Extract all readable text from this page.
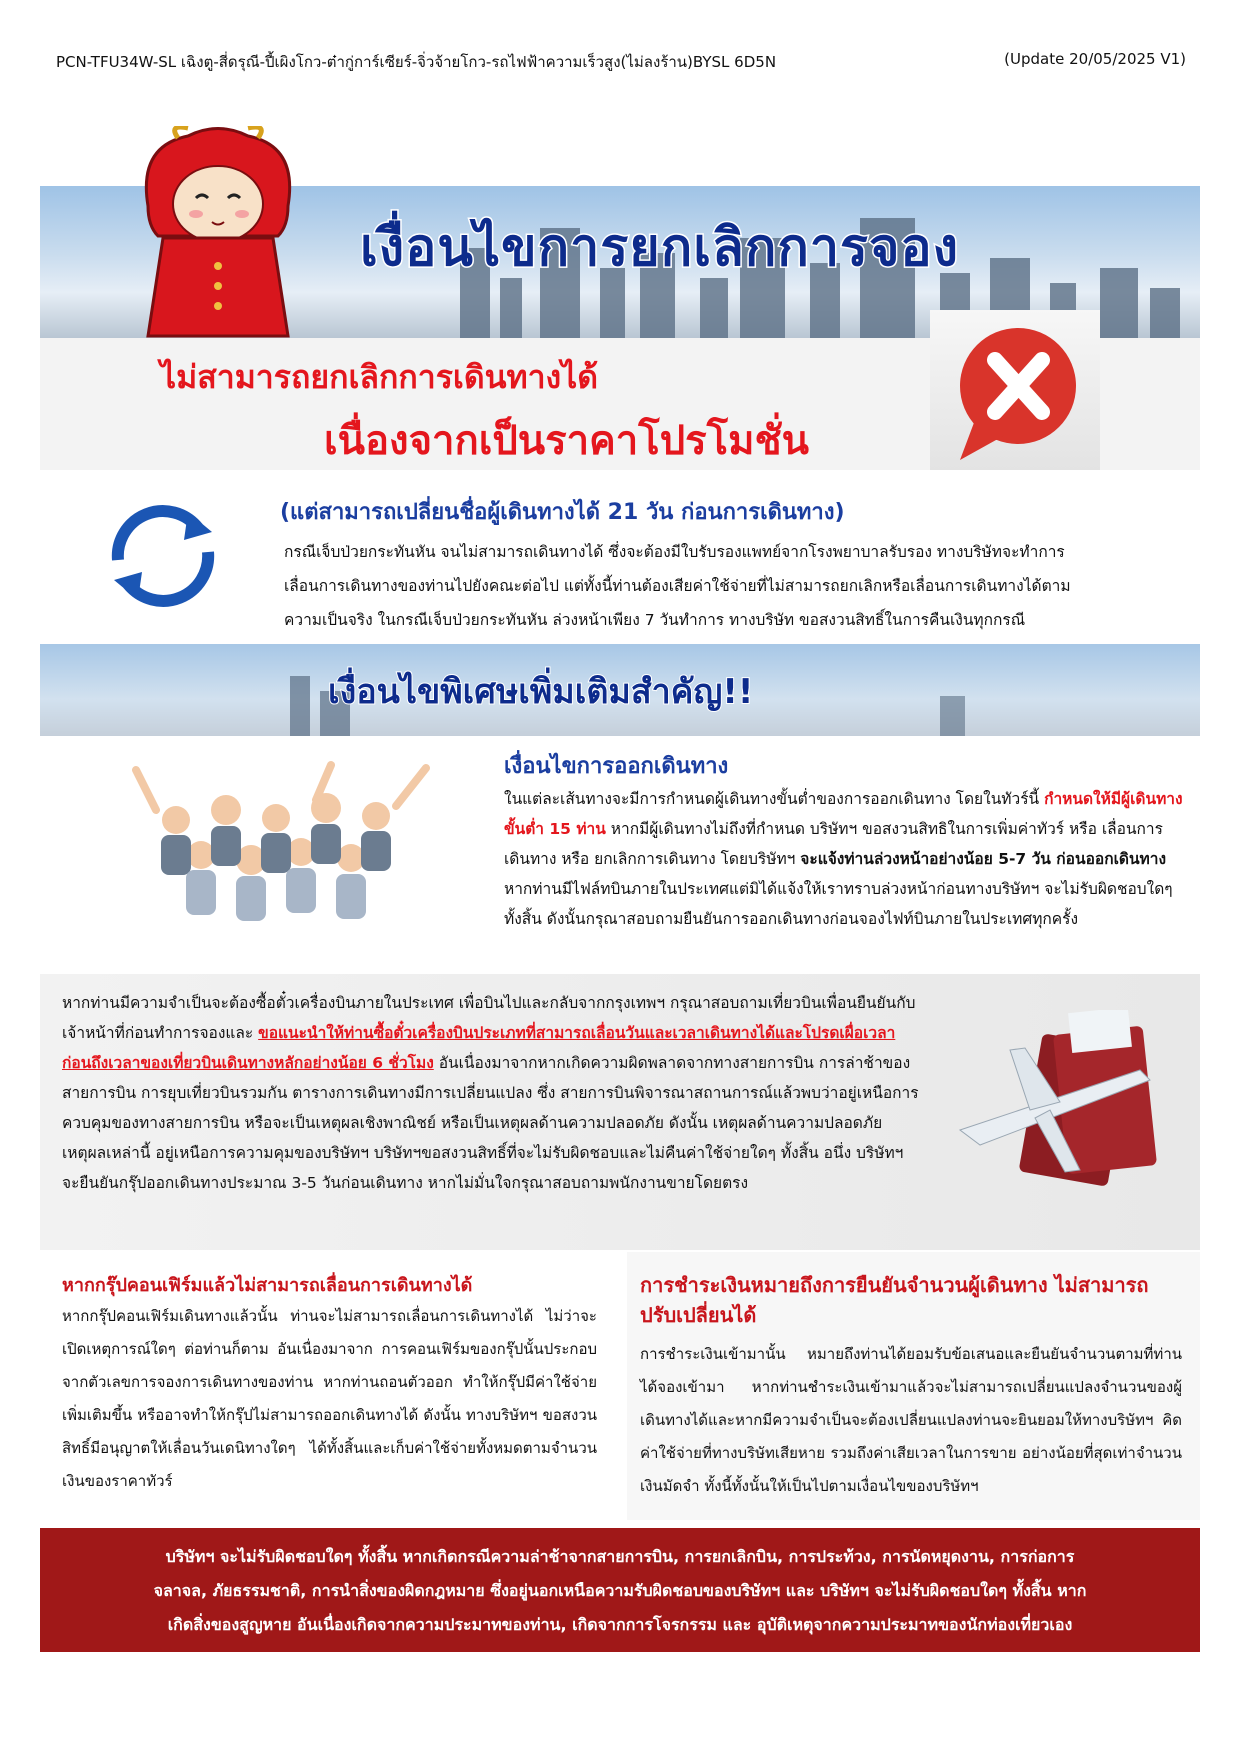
PCN-TFU34W-SL เฉิงตู-สี่ดรุณี-ปี้เผิงโกว-ต๋ากู่การ์เซียร์-จิ่วจ้ายโกว-รถไฟฟ้าความเร็วสูง(ไม่ลงร้าน)BYSL 6D5N	(Update 20/05/2025 V1)
เงื่อนไขการยกเลิกการจอง
ไม่สามารถยกเลิกการเดินทางได้
เนื่องจากเป็นราคาโปรโมชั่น
(แต่สามารถเปลี่ยนชื่อผู้เดินทางได้ 21 วัน ก่อนการเดินทาง)
กรณีเจ็บป่วยกระทันหัน จนไม่สามารถเดินทางได้ ซึ่งจะต้องมีใบรับรองแพทย์จากโรงพยาบาลรับรอง ทางบริษัทจะทำการ
เลื่อนการเดินทางของท่านไปยังคณะต่อไป แต่ทั้งนี้ท่านต้องเสียค่าใช้จ่ายที่ไม่สามารถยกเลิกหรือเลื่อนการเดินทางได้ตาม
ความเป็นจริง ในกรณีเจ็บป่วยกระทันหัน ล่วงหน้าเพียง 7 วันทำการ ทางบริษัท ขอสงวนสิทธิ์ในการคืนเงินทุกกรณี
เงื่อนไขพิเศษเพิ่มเติมสำคัญ!!
เงื่อนไขการออกเดินทาง
ในแต่ละเส้นทางจะมีการกำหนดผู้เดินทางขั้นต่ำของการออกเดินทาง โดยในทัวร์นี้ กำหนดให้มีผู้เดินทางขั้นต่ำ 15 ท่าน หากมีผู้เดินทางไม่ถึงที่กำหนด บริษัทฯ ขอสงวนสิทธิในการเพิ่มค่าทัวร์ หรือ เลื่อนการเดินทาง หรือ ยกเลิกการเดินทาง โดยบริษัทฯ จะแจ้งท่านล่วงหน้าอย่างน้อย 5-7 วัน ก่อนออกเดินทาง หากท่านมีไฟล์ทบินภายในประเทศแต่มิได้แจ้งให้เราทราบล่วงหน้าก่อนทางบริษัทฯ จะไม่รับผิดชอบใดๆ ทั้งสิ้น ดังนั้นกรุณาสอบถามยืนยันการออกเดินทางก่อนจองไฟท์บินภายในประเทศทุกครั้ง
หากท่านมีความจำเป็นจะต้องซื้อตั๋วเครื่องบินภายในประเทศ เพื่อบินไปและกลับจากกรุงเทพฯ กรุณาสอบถามเที่ยวบินเพื่อนยืนยันกับเจ้าหน้าที่ก่อนทำการจองและ ขอแนะนำให้ท่านซื้อตั๋วเครื่องบินประเภทที่สามารถเลื่อนวันและเวลาเดินทางได้และโปรดเผื่อเวลาก่อนถึงเวลาของเที่ยวบินเดินทางหลักอย่างน้อย 6 ชั่วโมง อันเนื่องมาจากหากเกิดความผิดพลาดจากทางสายการบิน การล่าช้าของสายการบิน การยุบเที่ยวบินรวมกัน ตารางการเดินทางมีการเปลี่ยนแปลง ซึ่ง สายการบินพิจารณาสถานการณ์แล้วพบว่าอยู่เหนือการควบคุมของทางสายการบิน หรือจะเป็นเหตุผลเชิงพาณิชย์ หรือเป็นเหตุผลด้านความปลอดภัย ดังนั้น เหตุผลด้านความปลอดภัย เหตุผลเหล่านี้ อยู่เหนือการความคุมของบริษัทฯ บริษัทฯขอสงวนสิทธิ์ที่จะไม่รับผิดชอบและไม่คืนค่าใช้จ่ายใดๆ ทั้งสิ้น อนึ่ง บริษัทฯ จะยืนยันกรุ๊ปออกเดินทางประมาณ 3-5 วันก่อนเดินทาง หากไม่มั่นใจกรุณาสอบถามพนักงานขายโดยตรง
หากกรุ๊ปคอนเฟิร์มแล้วไม่สามารถเลื่อนการเดินทางได้
หากกรุ๊ปคอนเฟิร์มเดินทางแล้วนั้น ท่านจะไม่สามารถเลื่อนการเดินทางได้ ไม่ว่าจะเปิดเหตุการณ์ใดๆ ต่อท่านก็ตาม อันเนื่องมาจาก การคอนเฟิร์มของกรุ๊ปนั้นประกอบจากตัวเลขการจองการเดินทางของท่าน หากท่านถอนตัวออก ทำให้กรุ๊ปมีค่าใช้จ่ายเพิ่มเติมขึ้น หรืออาจทำให้กรุ๊ปไม่สามารถออกเดินทางได้ ดังนั้น ทางบริษัทฯ ขอสงวนสิทธิ์มีอนุญาตให้เลื่อนวันเดนิทางใดๆ ได้ทั้งสิ้นและเก็บค่าใช้จ่ายทั้งหมดตามจำนวนเงินของราคาทัวร์
การชำระเงินหมายถึงการยืนยันจำนวนผู้เดินทาง ไม่สามารถปรับเปลี่ยนได้
การชำระเงินเข้ามานั้น หมายถึงท่านได้ยอมรับข้อเสนอและยืนยันจำนวนตามที่ท่านได้จองเข้ามา หากท่านชำระเงินเข้ามาแล้วจะไม่สามารถเปลี่ยนแปลงจำนวนของผู้เดินทางได้และหากมีความจำเป็นจะต้องเปลี่ยนแปลงท่านจะยินยอมให้ทางบริษัทฯ คิดค่าใช้จ่ายที่ทางบริษัทเสียหาย รวมถึงค่าเสียเวลาในการขาย อย่างน้อยที่สุดเท่าจำนวนเงินมัดจำ ทั้งนี้ทั้งนั้นให้เป็นไปตามเงื่อนไขของบริษัทฯ
บริษัทฯ จะไม่รับผิดชอบใดๆ ทั้งสิ้น หากเกิดกรณีความล่าช้าจากสายการบิน, การยกเลิกบิน, การประท้วง, การนัดหยุดงาน, การก่อการ
จลาจล, ภัยธรรมชาติ, การนำสิ่งของผิดกฎหมาย ซึ่งอยู่นอกเหนือความรับผิดชอบของบริษัทฯ และ บริษัทฯ จะไม่รับผิดชอบใดๆ ทั้งสิ้น หาก
เกิดสิ่งของสูญหาย อันเนื่องเกิดจากความประมาทของท่าน, เกิดจากการโจรกรรม และ อุบัติเหตุจากความประมาทของนักท่องเที่ยวเอง
